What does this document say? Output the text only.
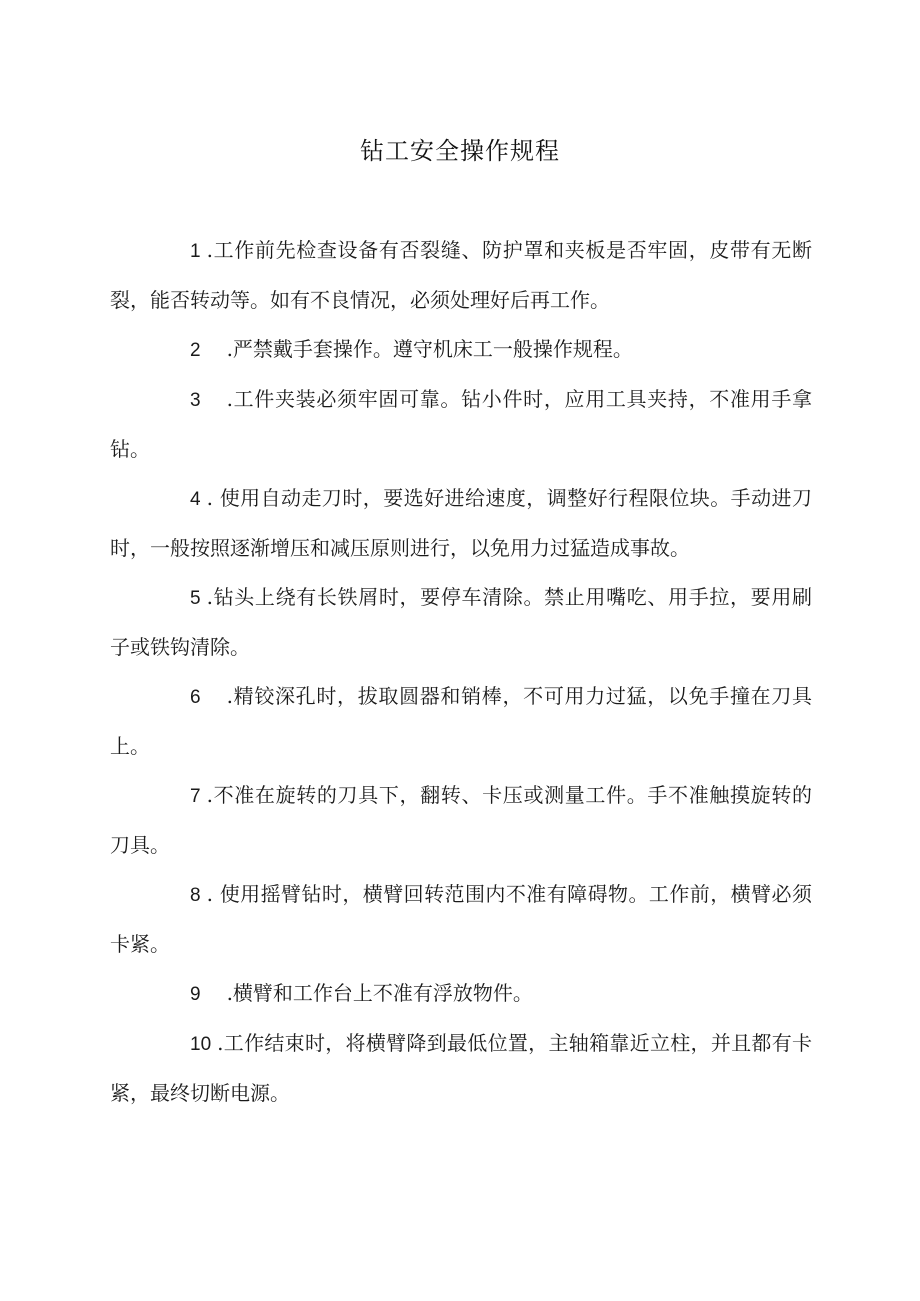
钻工安全操作规程

1 .工作前先检查设备有否裂缝、防护罩和夹板是否牢固，皮带有无断裂，能否转动等。如有不良情况，必须处理好后再工作。

2 .严禁戴手套操作。遵守机床工一般操作规程。

3 .工件夹装必须牢固可靠。钻小件时，应用工具夹持，不准用手拿钻。

4 . 使用自动走刀时，要选好进给速度，调整好行程限位块。手动进刀时，一般按照逐渐增压和减压原则进行，以免用力过猛造成事故。

5 .钻头上绕有长铁屑时，要停车清除。禁止用嘴吃、用手拉，要用刷子或铁钩清除。

6 .精铰深孔时，拔取圆器和销棒，不可用力过猛，以免手撞在刀具上。

7 .不准在旋转的刀具下，翻转、卡压或测量工件。手不准触摸旋转的刀具。

8 . 使用摇臂钻时，横臂回转范围内不准有障碍物。工作前，横臂必须卡紧。

9 .横臂和工作台上不准有浮放物件。

10 .工作结束时，将横臂降到最低位置，主轴箱靠近立柱，并且都有卡紧，最终切断电源。
